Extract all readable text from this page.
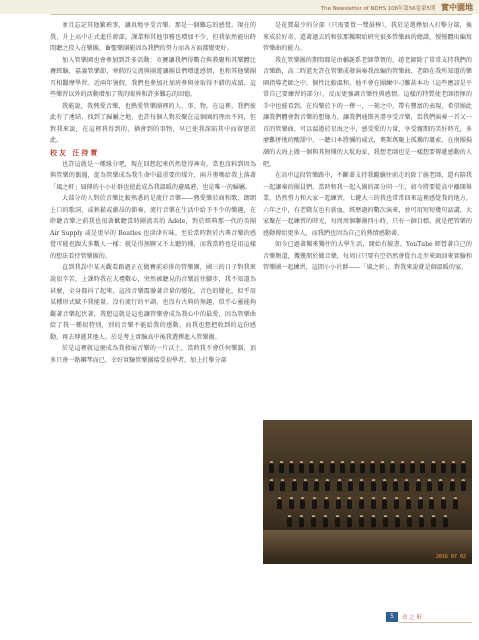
The Newsletter of NDHS 106年第56卷第5期 實中園地

並且忘記其他繁瑣事，讓真地享受音樂，那是一個難忘的感覺。現在的我，升上高中正式進任幹部，課業和其他事務也增加不少，但我依然能出時間聽之投入在樂團，畜聖樂團能因為我們的努力而各方面都變更好。

加入管樂園也會參加到許多活動：市賽讓我們得數合與教聚和其樂體比賽經驗，嘉義管樂節，寒假的交流與團遊讓團員們增進感情，也和其他樂團互相觀摩學習。近兩年暑假，我們也參加社加班參與並取得不錯的成績，這些樂習以外的活動增加了我的眼界和許多難忘的回憶。

我能說，我熱愛音樂，也熱愛管樂團裡的人、事、物。在這裡，我們彼此有了連結，找到了歸屬之地，也許每個人對於聚在這個園的理由不同，但對我來說，在這裡我得到的，猶會到的事物，早已使我深陷其中而留戀於此。

校友 汪持寶

也許這就是一種緣分吧，現在回想起來仍然覺得神奇，當也沒料到因為與管樂的偶遇，促為管樂成為我生命中最重要的煤介，兩升奧嗎給我上落著「風之軒」屆傳的小小社群也使此成為我溫暖的避風港，也是唯一的歸屬。

大部分的人對於音樂比較熟悉的是流行音樂——熱愛樂於商和歌、朗朗上口的歌詞，或輕鬆或激昂的節奏，流行音樂在生活中給予不少的樂趣，在聆聽音樂之前我也很著歡聽當時剛流名的 Adele，對於經典那一代的英團 Air Supply 或是更早的 Beatles 也津津有味。至於當時對於古典音樂的感覺可能也跟大多數人一樣：就是得無聊又不太聽的懂，而我當時也是用這樣的想法看待管樂團的。

直到我誤中某天觀看路過正在做賽前彩排的管樂園，國三的日子對我來說很辛苦，上課時我在大禮數心，突然被聽見的音樂詮住腳步，我不知道為甚麼，全身都抖了起來，這段音樂震盪著音量的變化，音色的變化，似乎用某種形式賦予我能量。沒有流行的平調，也沒有古典的無趣，似乎心靈能夠觀著音樂起伏著，我想這就是這也讓管樂會成為我心中的最愛，因為管樂曲給了我一種很特別，別的音樂不能給我的感動。而我也想把收到的這份感動，再去傳遞其他人。於是考上實驗高中後我選擇進入管樂團。

於是這裡就這麼成為我發展音樂的一片沃土，當時我不會任何樂器，頂多只會一點鋼琴而已，幸好實驗管樂團接受初學者，加上打擊分部

是花費最少的分部（只需要買一雙鼓棒），我於是選擇加入打擊分部，後來成於好奇、還著過去的和弦那獨開始研究很多管樂曲的總譜，慢慢體出編寫管樂曲的能力。

我在管樂團的期間都是由輔誕系老師帶領的，趙老師除了常常支持我們的音樂路，高二時還允許在管樂成發演奏我改編的管樂曲，老師在我所知道的樂園指導老師之中，個性比較溫和，他不會在團練中刁難甚本功（這些應該是平常自己要練習的部分），反而更強調音樂性與感情。這樣的特質使老師指揮的手中也能看到，在均樂於下的一擇一，一刻之中，帶有豐富的表現，希望團此讓我們體會對音樂的想像力，讓我們通期善盡享受音樂，當我們演奏一首又一首的管樂曲，可以溫遨於星海之中，感受愛的力量，享受親期的美好時光，多麼難拼地的酸甜中，一聽日本將彌的咸式，奧斯萬聚上孤獨的蕭索，在南團揚潮的大海上做一個與其無懂的大航海家，我想老師也是一樣想要傳遞感動的人吧。

在高中這段管樂路中，不斷著支持我繼續往前走的除了施老師，還有陪我一起讓奏的團員們。當時和我一起入團的部分同一生，如今將要從高中離開畢業，仍然努力和大家一起練習，七鍵大三的我也常常回來這裡感覺我的地方，六年之中，有老戰友也有新血，經歷過的數次演來，並可用短短幾句話講，大家聚在一起練習的時光，每周周個聯團四小時，只有一個目標，就是把管樂的感動傳給更多人，而我們也因為自己的熱情感動著。

如今已過著獨來獨往的大學生活，開始有臉書、YouTube 經營著自己的音樂頻道，獲幾朋於做音樂，每周日只要有空仍然會從台北坐來頭回來實驗和管樂團一起練習，這間小小社群——「風之軒」，對我來說就是個溫暖的家。

2016 07 02
5	青 之 軒
